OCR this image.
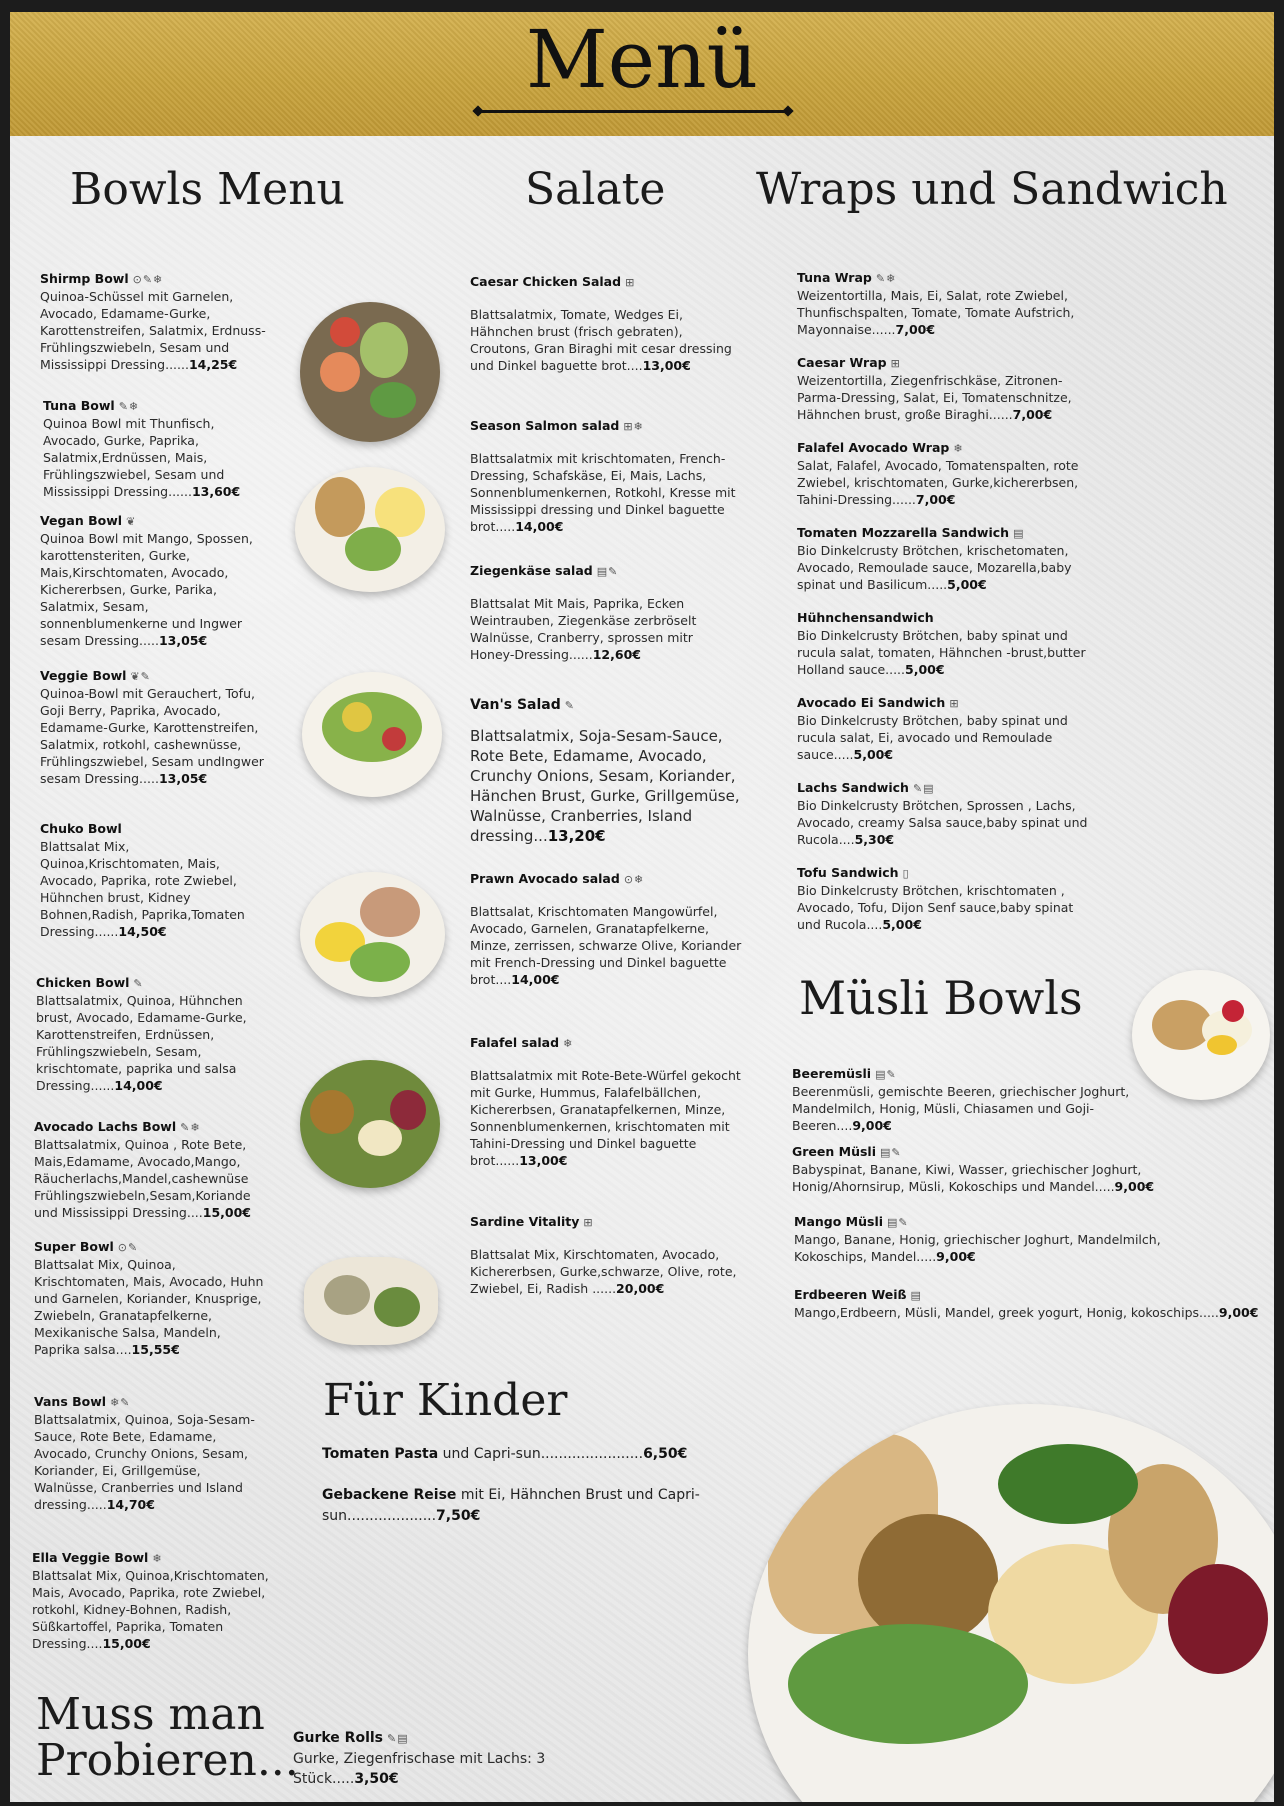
Menü
Bowls Menu	Salate Wraps und Sandwich
Müsli Bowls
Für Kinder
Muss man
Probieren...
Shirmp Bowl ⊙✎❄
Quinoa-Schüssel mit Garnelen, Avocado, Edamame-Gurke, Karottenstreifen, Salatmix, Erdnuss-Frühlingszwiebeln, Sesam und Mississippi Dressing......14,25€
Tuna Bowl ✎❄
Quinoa Bowl mit Thunfisch, Avocado, Gurke, Paprika, Salatmix,Erdnüssen, Mais, Frühlingszwiebel, Sesam und Mississippi Dressing......13,60€
Vegan Bowl ❦
Quinoa Bowl mit Mango, Spossen, karottensteriten, Gurke, Mais,Kirschtomaten, Avocado, Kichererbsen, Gurke, Parika, Salatmix, Sesam, sonnenblumenkerne und Ingwer sesam Dressing.....13,05€
Veggie Bowl ❦✎
Quinoa-Bowl mit Gerauchert, Tofu, Goji Berry, Paprika, Avocado, Edamame-Gurke, Karottenstreifen, Salatmix, rotkohl, cashewnüsse, Frühlingszwiebel, Sesam undIngwer sesam Dressing.....13,05€
Chuko Bowl
Blattsalat Mix, Quinoa,Krischtomaten, Mais, Avocado, Paprika, rote Zwiebel, Hühnchen brust, Kidney Bohnen,Radish, Paprika,Tomaten Dressing......14,50€
Chicken Bowl ✎
Blattsalatmix, Quinoa, Hühnchen brust, Avocado, Edamame-Gurke, Karottenstreifen, Erdnüssen, Frühlingszwiebeln, Sesam, krischtomate, paprika und salsa Dressing......14,00€
Avocado Lachs Bowl ✎❄
Blattsalatmix, Quinoa , Rote Bete, Mais,Edamame, Avocado,Mango, Räucherlachs,Mandel,cashewnüse Frühlingszwiebeln,Sesam,Koriande und Mississippi Dressing....15,00€
Super Bowl ⊙✎
Blattsalat Mix, Quinoa, Krischtomaten, Mais, Avocado, Huhn und Garnelen, Koriander, Knusprige, Zwiebeln, Granatapfelkerne, Mexikanische Salsa, Mandeln, Paprika salsa....15,55€
Vans Bowl ❄✎
Blattsalatmix, Quinoa, Soja-Sesam-Sauce, Rote Bete, Edamame, Avocado, Crunchy Onions, Sesam, Koriander, Ei, Grillgemüse, Walnüsse, Cranberries und Island dressing.....14,70€
Ella Veggie Bowl ❄
Blattsalat Mix, Quinoa,Krischtomaten, Mais, Avocado, Paprika, rote Zwiebel, rotkohl, Kidney-Bohnen, Radish, Süßkartoffel, Paprika, Tomaten Dressing....15,00€
Caesar Chicken Salad ⊞
Blattsalatmix, Tomate, Wedges Ei, Hähnchen brust (frisch gebraten), Croutons, Gran Biraghi mit cesar dressing und Dinkel baguette brot....13,00€
Season Salmon salad ⊞❄
Blattsalatmix mit krischtomaten, French-Dressing, Schafskäse, Ei, Mais, Lachs, Sonnenblumenkernen, Rotkohl, Kresse mit Mississippi dressing und Dinkel baguette brot.....14,00€
Ziegenkäse salad ▤✎
Blattsalat Mit Mais, Paprika, Ecken Weintrauben, Ziegenkäse zerbröselt Walnüsse, Cranberry, sprossen mitr Honey-Dressing......12,60€
Van's Salad ✎
Blattsalatmix, Soja-Sesam-Sauce, Rote Bete, Edamame, Avocado, Crunchy Onions, Sesam, Koriander, Hänchen Brust, Gurke, Grillgemüse, Walnüsse, Cranberries, Island dressing...13,20€
Prawn Avocado salad ⊙❄
Blattsalat, Krischtomaten Mangowürfel, Avocado, Garnelen, Granatapfelkerne, Minze, zerrissen, schwarze Olive, Koriander mit French-Dressing und Dinkel baguette brot....14,00€
Falafel salad ❄
Blattsalatmix mit Rote-Bete-Würfel gekocht mit Gurke, Hummus, Falafelbällchen, Kichererbsen, Granatapfelkernen, Minze, Sonnenblumenkernen, krischtomaten mit Tahini-Dressing und Dinkel baguette brot......13,00€
Sardine Vitality ⊞
Blattsalat Mix, Kirschtomaten, Avocado, Kichererbsen, Gurke,schwarze, Olive, rote, Zwiebel, Ei, Radish ......20,00€
Tuna Wrap ✎❄
Weizentortilla, Mais, Ei, Salat, rote Zwiebel, Thunfischspalten, Tomate, Tomate Aufstrich, Mayonnaise......7,00€
Caesar Wrap ⊞
Weizentortilla, Ziegenfrischkäse, Zitronen-Parma-Dressing, Salat, Ei, Tomatenschnitze, Hähnchen brust, große Biraghi......7,00€
Falafel Avocado Wrap ❄
Salat, Falafel, Avocado, Tomatenspalten, rote Zwiebel, krischtomaten, Gurke,kichererbsen, Tahini-Dressing......7,00€
Tomaten Mozzarella Sandwich ▤
Bio Dinkelcrusty Brötchen, krischetomaten, Avocado, Remoulade sauce, Mozarella,baby spinat und Basilicum.....5,00€
Hühnchensandwich
Bio Dinkelcrusty Brötchen, baby spinat und rucula salat, tomaten, Hähnchen -brust,butter Holland sauce.....5,00€
Avocado Ei Sandwich ⊞
Bio Dinkelcrusty Brötchen, baby spinat und rucula salat, Ei, avocado und Remoulade sauce.....5,00€
Lachs Sandwich ✎▤
Bio Dinkelcrusty Brötchen, Sprossen , Lachs, Avocado, creamy Salsa sauce,baby spinat und Rucola....5,30€
Tofu Sandwich ▯
Bio Dinkelcrusty Brötchen, krischtomaten , Avocado, Tofu, Dijon Senf sauce,baby spinat und Rucola....5,00€
Beeremüsli ▤✎
Beerenmüsli, gemischte Beeren, griechischer Joghurt, Mandelmilch, Honig, Müsli, Chiasamen und Goji-Beeren....9,00€
Green Müsli ▤✎
Babyspinat, Banane, Kiwi, Wasser, griechischer Joghurt, Honig/Ahornsirup, Müsli, Kokoschips und Mandel.....9,00€
Mango Müsli ▤✎
Mango, Banane, Honig, griechischer Joghurt, Mandelmilch, Kokoschips, Mandel.....9,00€
Erdbeeren Weiß ▤
Mango,Erdbeern, Müsli, Mandel, greek yogurt, Honig, kokoschips.....9,00€
Tomaten Pasta und Capri-sun.......................6,50€
Gebackene Reise mit Ei, Hähnchen Brust und Capri-sun....................7,50€
Gurke Rolls ✎▤
Gurke, Ziegenfrischase mit Lachs: 3 Stück.....3,50€
